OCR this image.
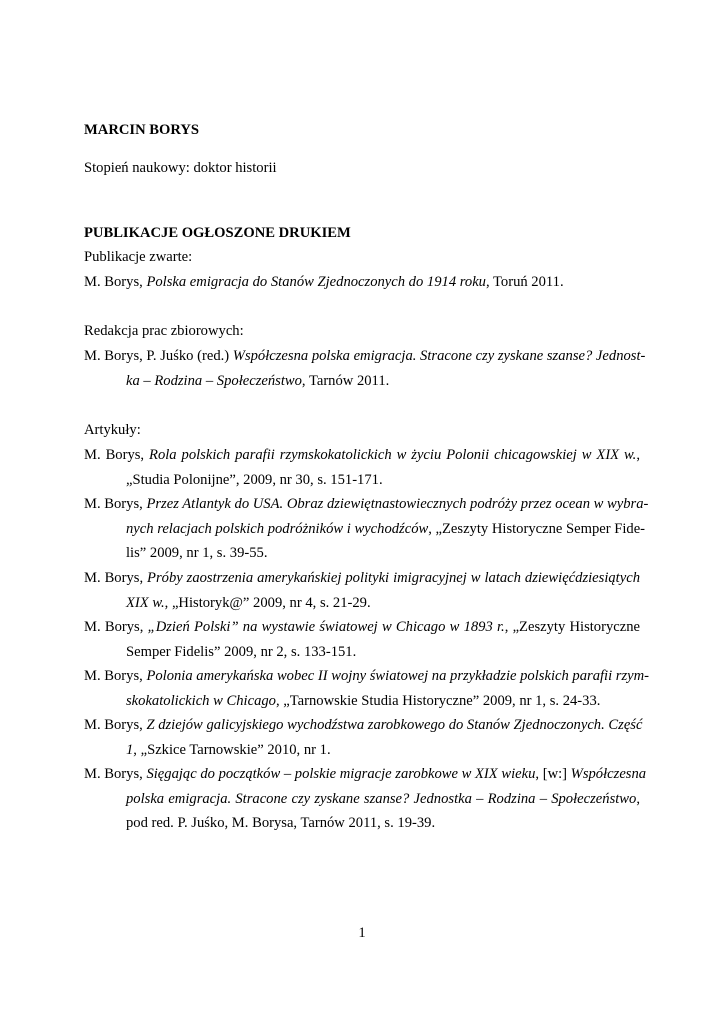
MARCIN BORYS
Stopień naukowy: doktor historii
PUBLIKACJE OGŁOSZONE DRUKIEM
Publikacje zwarte:
M. Borys, Polska emigracja do Stanów Zjednoczonych do 1914 roku, Toruń 2011.
Redakcja prac zbiorowych:
M. Borys, P. Juśko (red.) Współczesna polska emigracja. Stracone czy zyskane szanse? Jednost-
ka – Rodzina – Społeczeństwo, Tarnów 2011.
Artykuły:
M. Borys, Rola polskich parafii rzymskokatolickich w życiu Polonii chicagowskiej w XIX w.,
„Studia Polonijne”, 2009, nr 30, s. 151-171.
M. Borys, Przez Atlantyk do USA. Obraz dziewiętnastowiecznych podróży przez ocean w wybra-
nych relacjach polskich podróżników i wychodźców, „Zeszyty Historyczne Semper Fide-
lis” 2009, nr 1, s. 39-55.
M. Borys, Próby zaostrzenia amerykańskiej polityki imigracyjnej w latach dziewięćdziesiątych
XIX w., „Historyk@” 2009, nr 4, s. 21-29.
M. Borys, „Dzień Polski” na wystawie światowej w Chicago w 1893 r., „Zeszyty Historyczne
Semper Fidelis” 2009, nr 2, s. 133-151.
M. Borys, Polonia amerykańska wobec II wojny światowej na przykładzie polskich parafii rzym-
skokatolickich w Chicago, „Tarnowskie Studia Historyczne” 2009, nr 1, s. 24-33.
M. Borys, Z dziejów galicyjskiego wychodźstwa zarobkowego do Stanów Zjednoczonych. Część
1, „Szkice Tarnowskie” 2010, nr 1.
M. Borys, Sięgając do początków – polskie migracje zarobkowe w XIX wieku, [w:] Współczesna
polska emigracja. Stracone czy zyskane szanse? Jednostka – Rodzina – Społeczeństwo,
pod red. P. Juśko, M. Borysa, Tarnów 2011, s. 19-39.
1
